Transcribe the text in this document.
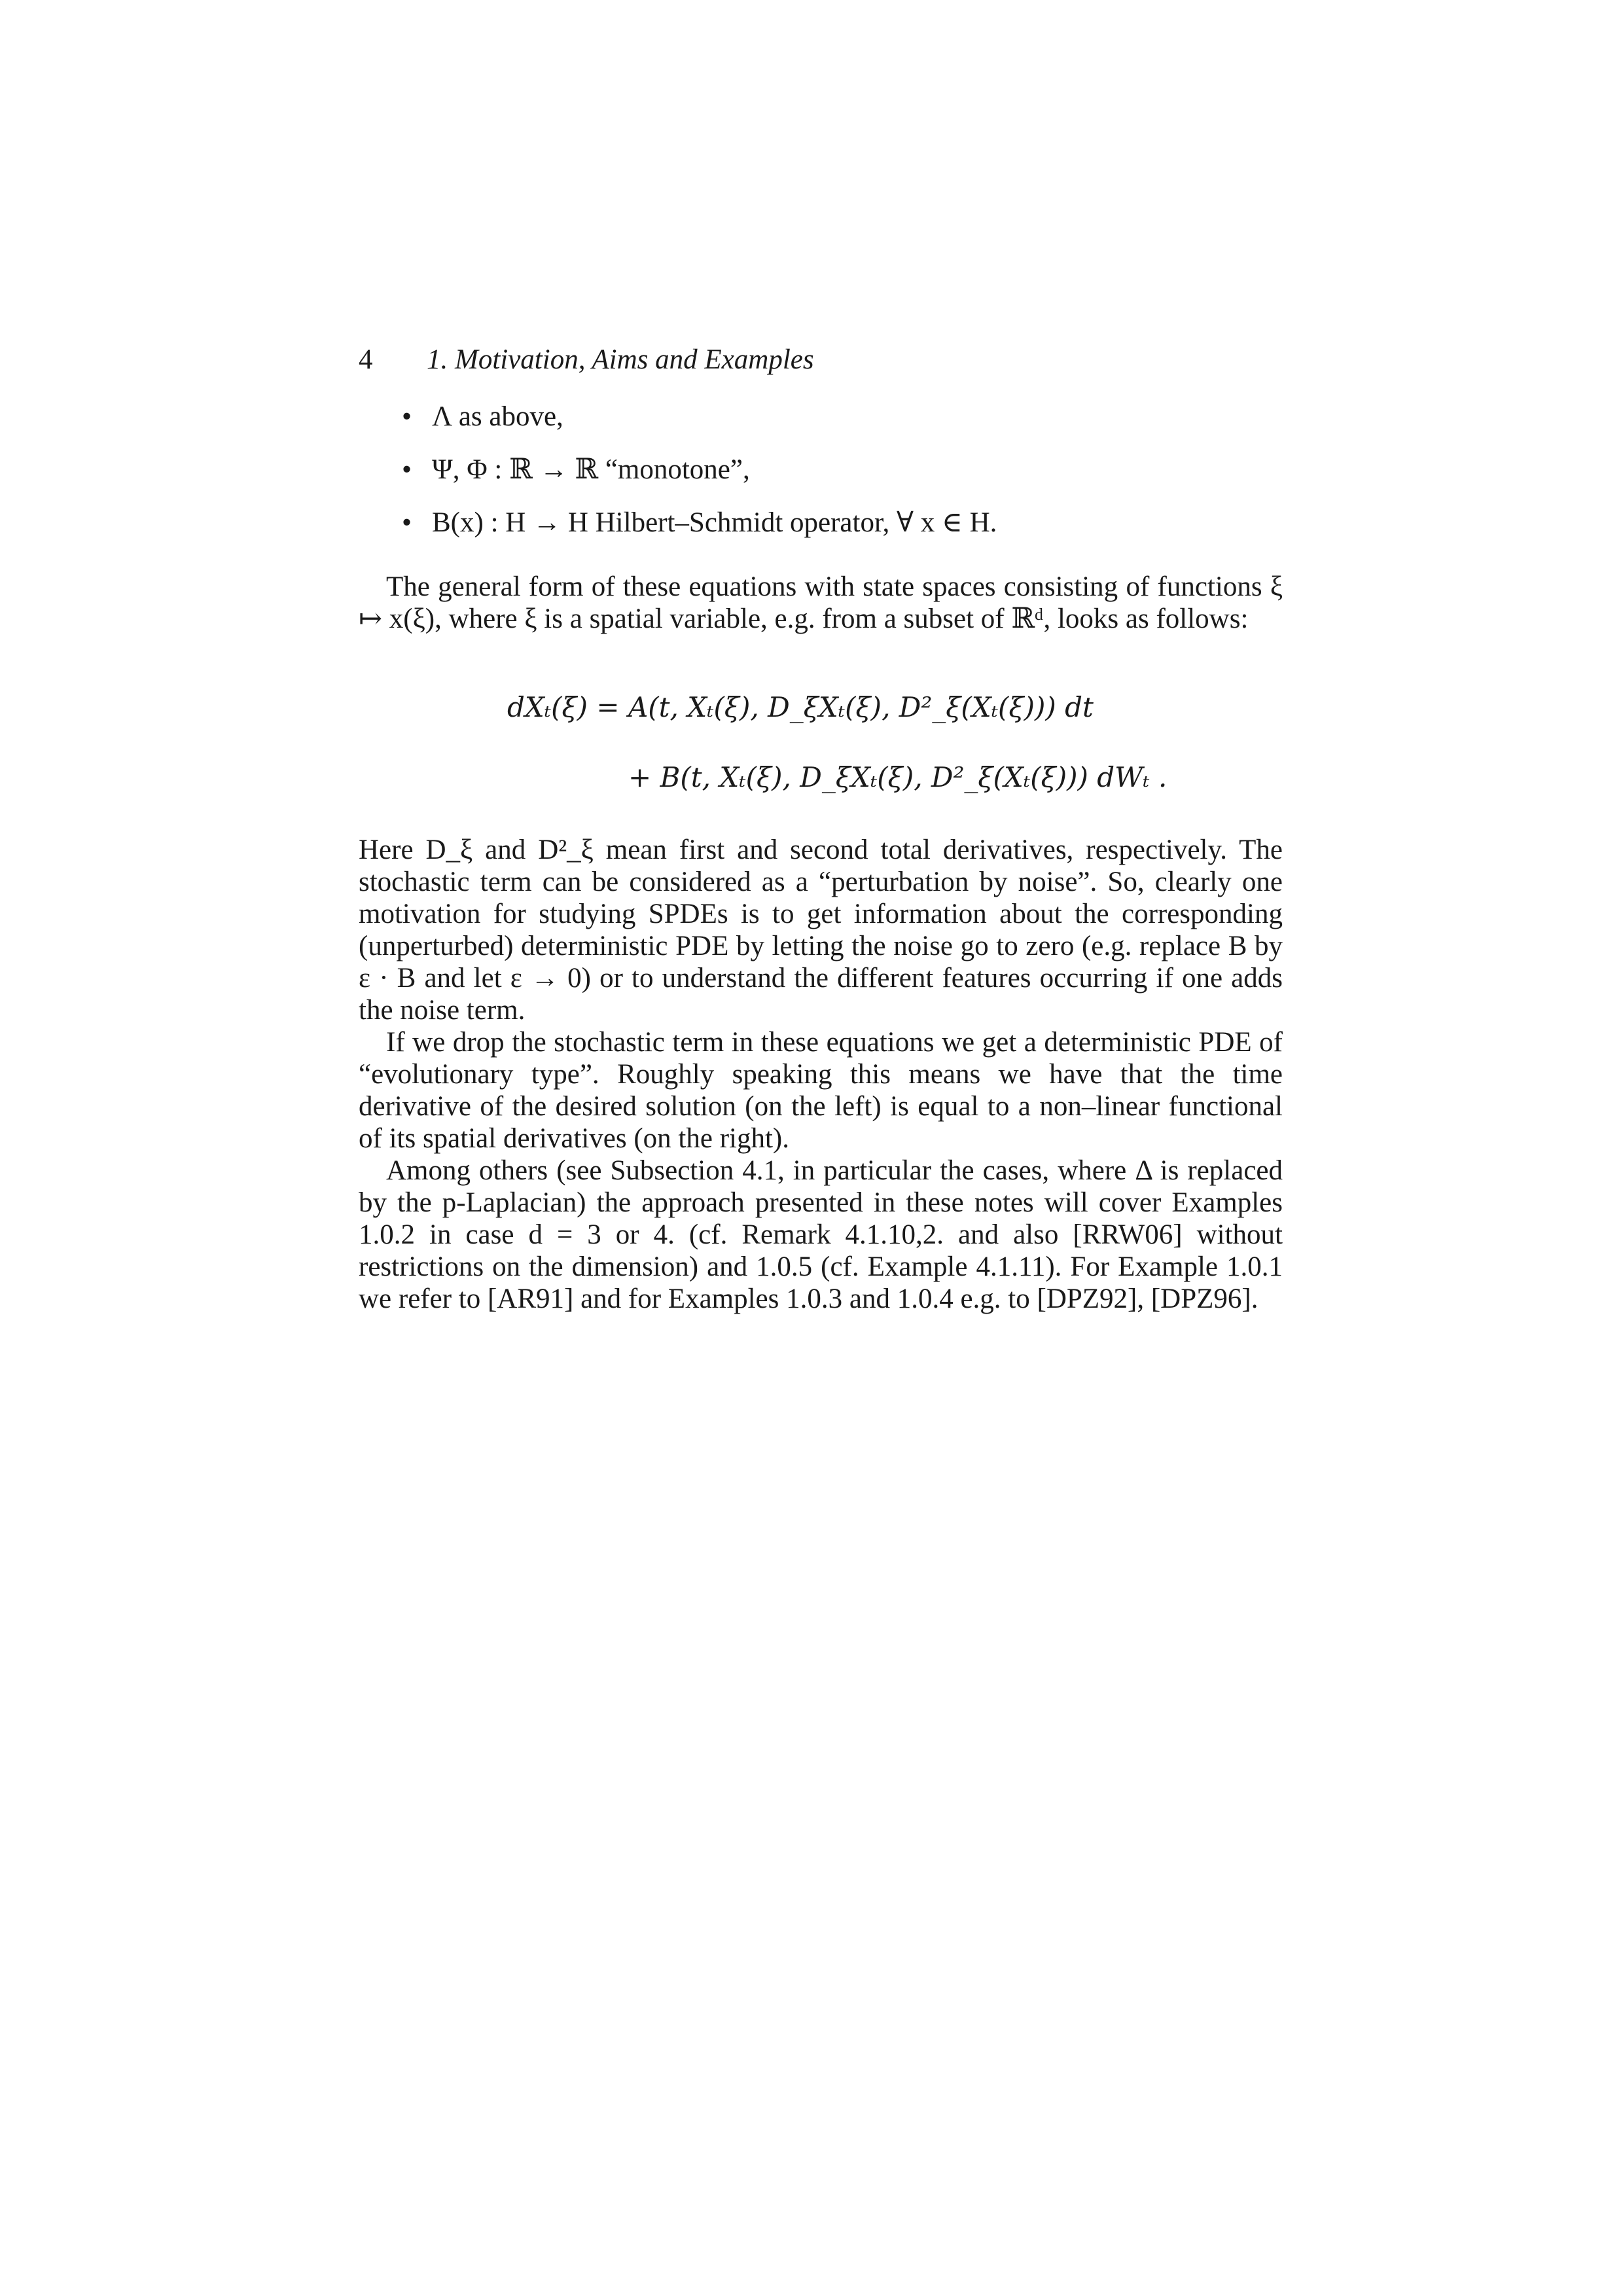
4 1. Motivation, Aims and Examples
• Λ as above,
• Ψ, Φ : ℝ → ℝ “monotone”,
• B(x) : H → H Hilbert–Schmidt operator, ∀ x ∈ H.

The general form of these equations with state spaces consisting of functions ξ ↦ x(ξ), where ξ is a spatial variable, e.g. from a subset of ℝᵈ, looks as follows:

dXₜ(ξ) = A(t, Xₜ(ξ), D_ξXₜ(ξ), D²_ξ(Xₜ(ξ))) dt
+ B(t, Xₜ(ξ), D_ξXₜ(ξ), D²_ξ(Xₜ(ξ))) dWₜ .

Here D_ξ and D²_ξ mean first and second total derivatives, respectively. The stochastic term can be considered as a “perturbation by noise”. So, clearly one motivation for studying SPDEs is to get information about the corresponding (unperturbed) deterministic PDE by letting the noise go to zero (e.g. replace B by ε · B and let ε → 0) or to understand the different features occurring if one adds the noise term.

If we drop the stochastic term in these equations we get a deterministic PDE of “evolutionary type”. Roughly speaking this means we have that the time derivative of the desired solution (on the left) is equal to a non–linear functional of its spatial derivatives (on the right).

Among others (see Subsection 4.1, in particular the cases, where Δ is replaced by the p-Laplacian) the approach presented in these notes will cover Examples 1.0.2 in case d = 3 or 4. (cf. Remark 4.1.10,2. and also [RRW06] without restrictions on the dimension) and 1.0.5 (cf. Example 4.1.11). For Example 1.0.1 we refer to [AR91] and for Examples 1.0.3 and 1.0.4 e.g. to [DPZ92], [DPZ96].
